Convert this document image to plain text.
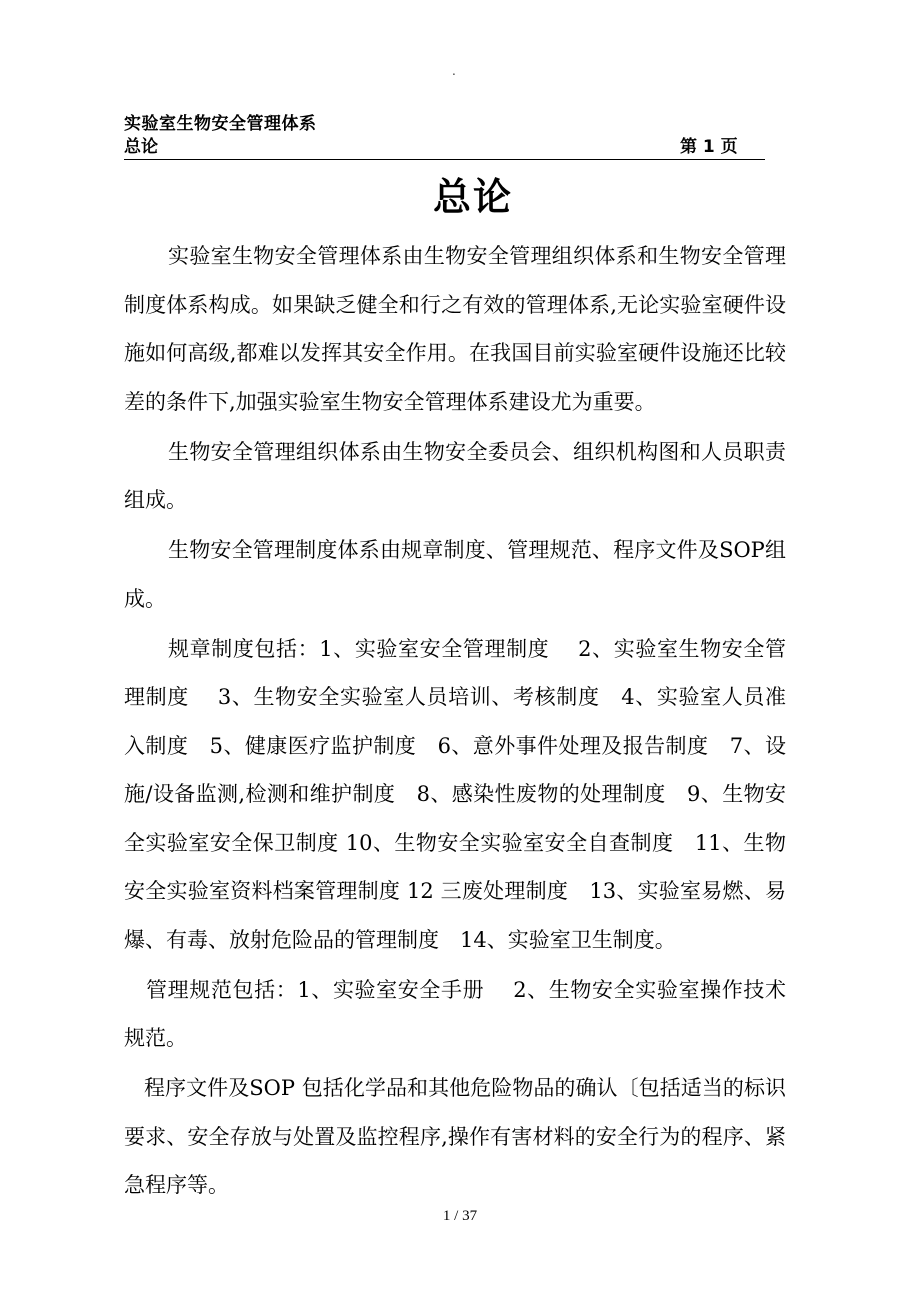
.
实验室生物安全管理体系
总论	第 1 页
总论

实验室生物安全管理体系由生物安全管理组织体系和生物安全管理制度体系构成。如果缺乏健全和行之有效的管理体系,无论实验室硬件设施如何高级,都难以发挥其安全作用。在我国目前实验室硬件设施还比较差的条件下,加强实验室生物安全管理体系建设尤为重要。

生物安全管理组织体系由生物安全委员会、组织机构图和人员职责组成。

生物安全管理制度体系由规章制度、管理规范、程序文件及SOP组成。

规章制度包括：1、实验室安全管理制度　 2、实验室生物安全管理制度　 3、生物安全实验室人员培训、考核制度　4、实验室人员准入制度　5、健康医疗监护制度　6、意外事件处理及报告制度　7、设施/设备监测,检测和维护制度　8、感染性废物的处理制度　9、生物安全实验室安全保卫制度 10、生物安全实验室安全自查制度　11、生物安全实验室资料档案管理制度 12 三废处理制度　13、实验室易燃、易爆、有毒、放射危险品的管理制度　14、实验室卫生制度。

管理规范包括：1、实验室安全手册　 2、生物安全实验室操作技术规范。

程序文件及SOP 包括化学品和其他危险物品的确认〔包括适当的标识要求、安全存放与处置及监控程序,操作有害材料的安全行为的程序、紧急程序等。

1 / 37
